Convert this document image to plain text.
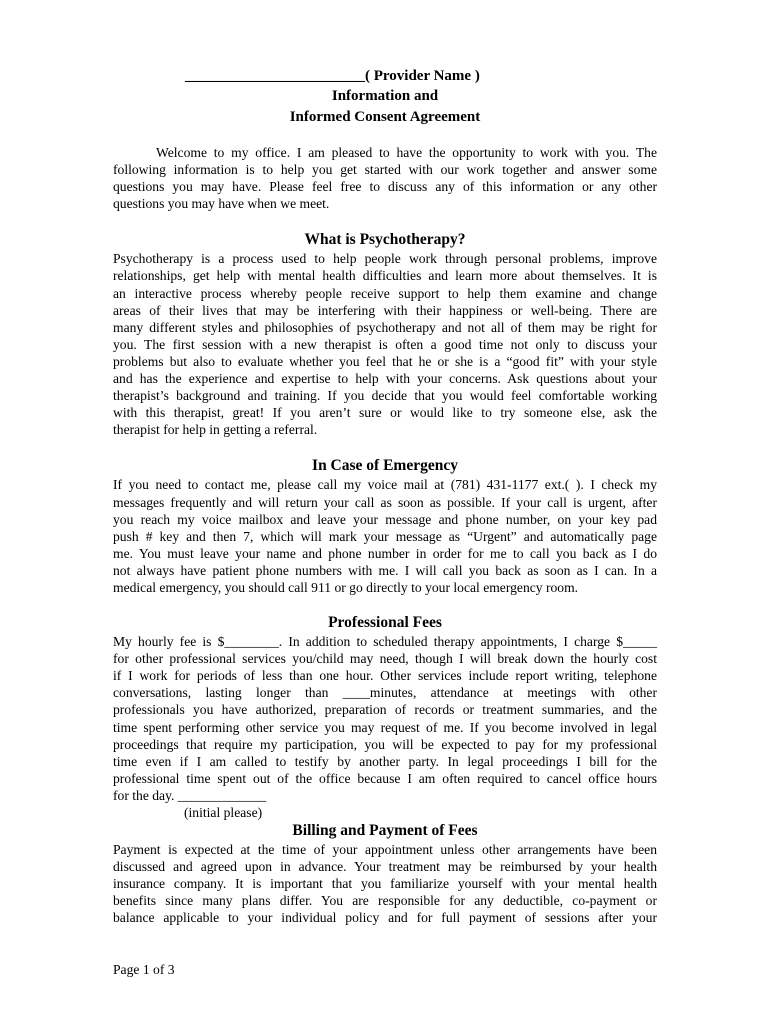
________________________( Provider Name )
Information and
Informed Consent Agreement
Welcome to my office. I am pleased to have the opportunity to work with you. The
following information is to help you get started with our work together and answer some
questions you may have. Please feel free to discuss any of this information or any other
questions you may have when we meet.
What is Psychotherapy?
Psychotherapy is a process used to help people work through personal problems, improve
relationships, get help with mental health difficulties and learn more about themselves. It is
an interactive process whereby people receive support to help them examine and change
areas of their lives that may be interfering with their happiness or well-being. There are
many different styles and philosophies of psychotherapy and not all of them may be right for
you. The first session with a new therapist is often a good time not only to discuss your
problems but also to evaluate whether you feel that he or she is a “good fit” with your style
and has the experience and expertise to help with your concerns. Ask questions about your
therapist’s background and training. If you decide that you would feel comfortable working
with this therapist, great! If you aren’t sure or would like to try someone else, ask the
therapist for help in getting a referral.
In Case of Emergency
If you need to contact me, please call my voice mail at (781) 431-1177 ext.( ). I check my
messages frequently and will return your call as soon as possible. If your call is urgent, after
you reach my voice mailbox and leave your message and phone number, on your key pad
push # key and then 7, which will mark your message as “Urgent” and automatically page
me. You must leave your name and phone number in order for me to call you back as I do
not always have patient phone numbers with me. I will call you back as soon as I can. In a
medical emergency, you should call 911 or go directly to your local emergency room.
Professional Fees
My hourly fee is $________. In addition to scheduled therapy appointments, I charge $_____
for other professional services you/child may need, though I will break down the hourly cost
if I work for periods of less than one hour. Other services include report writing, telephone
conversations, lasting longer than ____minutes, attendance at meetings with other
professionals you have authorized, preparation of records or treatment summaries, and the
time spent performing other service you may request of me. If you become involved in legal
proceedings that require my participation, you will be expected to pay for my professional
time even if I am called to testify by another party. In legal proceedings I bill for the
professional time spent out of the office because I am often required to cancel office hours
for the day. _____________
(initial please)
Billing and Payment of Fees
Payment is expected at the time of your appointment unless other arrangements have been
discussed and agreed upon in advance. Your treatment may be reimbursed by your health
insurance company. It is important that you familiarize yourself with your mental health
benefits since many plans differ. You are responsible for any deductible, co-payment or
balance applicable to your individual policy and for full payment of sessions after your
Page 1 of 3
